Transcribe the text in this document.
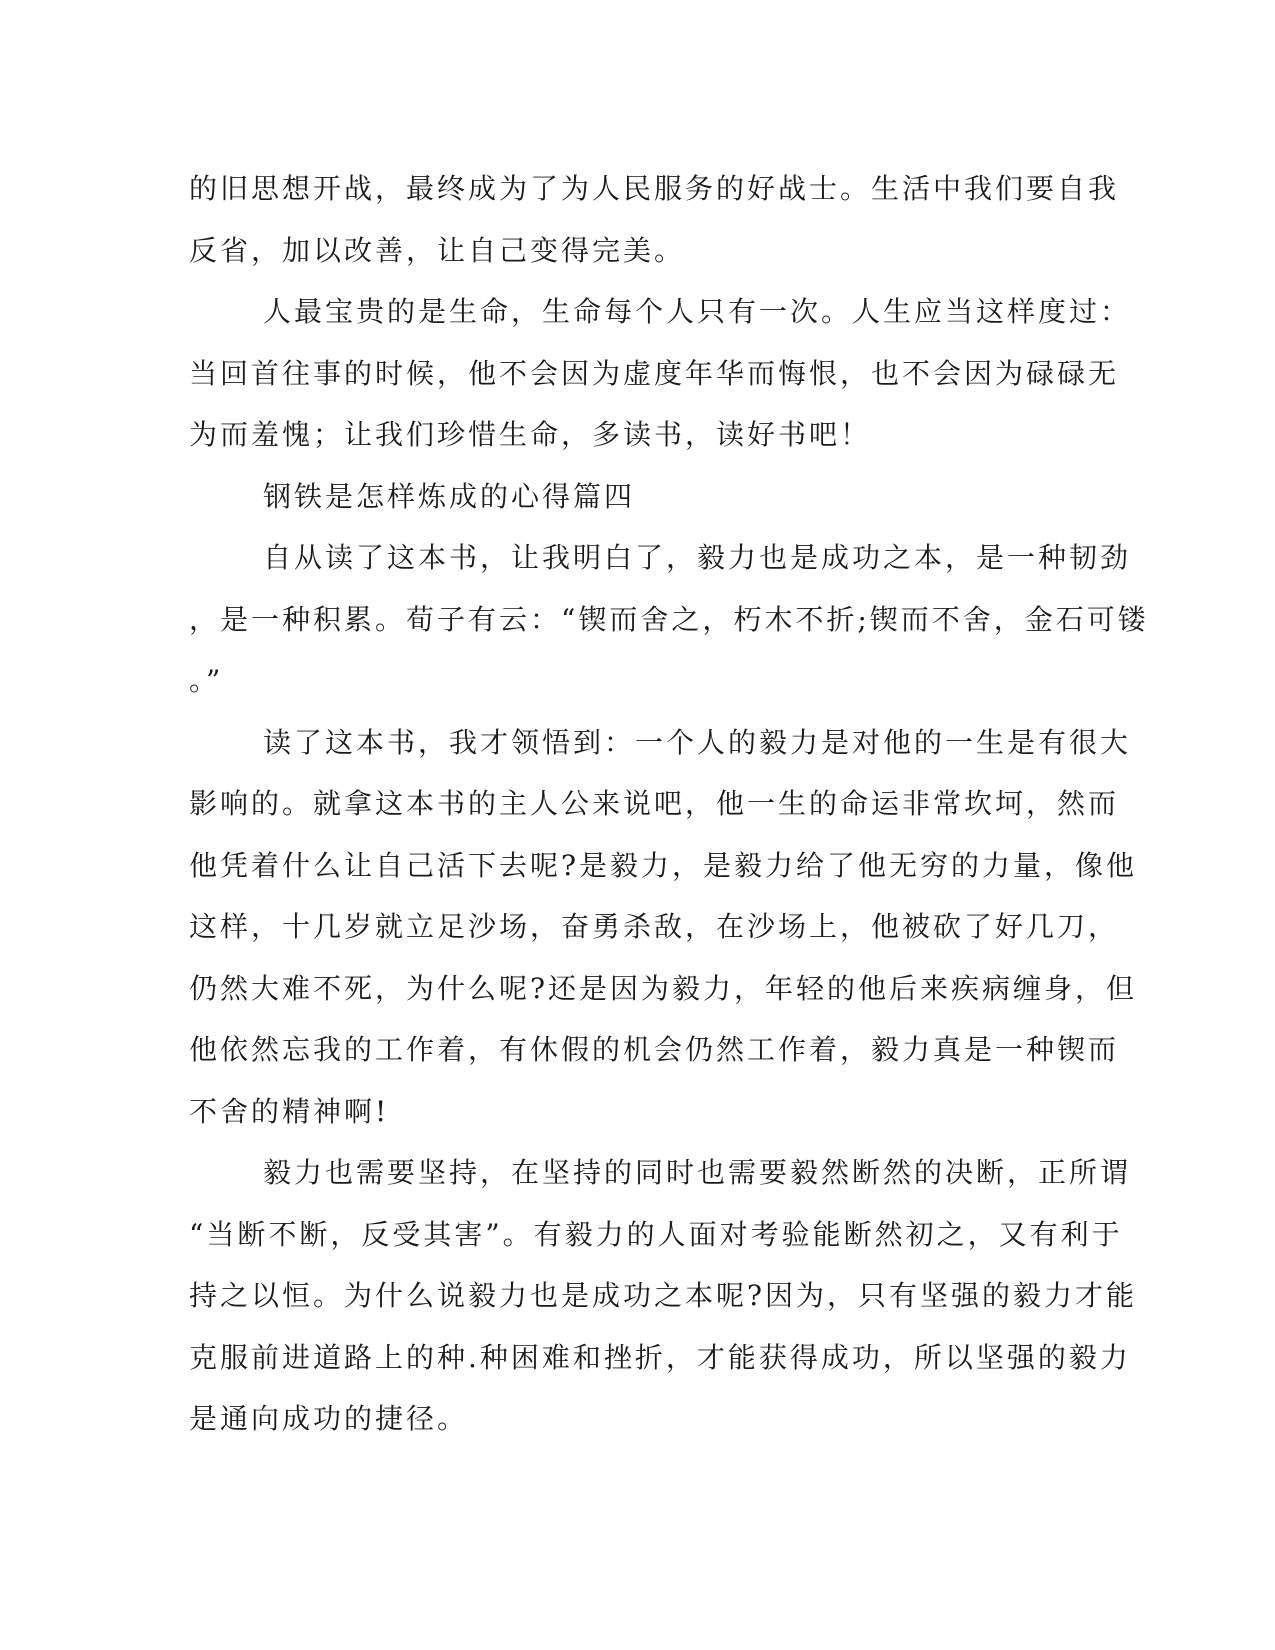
的旧思想开战，最终成为了为人民服务的好战士。生活中我们要自我
反省，加以改善，让自己变得完美。
人最宝贵的是生命，生命每个人只有一次。人生应当这样度过：
当回首往事的时候，他不会因为虚度年华而悔恨，也不会因为碌碌无
为而羞愧；让我们珍惜生命，多读书，读好书吧！
钢铁是怎样炼成的心得篇四
自从读了这本书，让我明白了，毅力也是成功之本，是一种韧劲
，是一种积累。荀子有云：“锲而舍之，朽木不折;锲而不舍，金石可镂
。”
读了这本书，我才领悟到：一个人的毅力是对他的一生是有很大
影响的。就拿这本书的主人公来说吧，他一生的命运非常坎坷，然而
他凭着什么让自己活下去呢?是毅力，是毅力给了他无穷的力量，像他
这样，十几岁就立足沙场，奋勇杀敌，在沙场上，他被砍了好几刀，
仍然大难不死，为什么呢?还是因为毅力，年轻的他后来疾病缠身，但
他依然忘我的工作着，有休假的机会仍然工作着，毅力真是一种锲而
不舍的精神啊!
毅力也需要坚持，在坚持的同时也需要毅然断然的决断，正所谓
“当断不断，反受其害”。有毅力的人面对考验能断然初之，又有利于
持之以恒。为什么说毅力也是成功之本呢?因为，只有坚强的毅力才能
克服前进道路上的种.种困难和挫折，才能获得成功，所以坚强的毅力
是通向成功的捷径。
